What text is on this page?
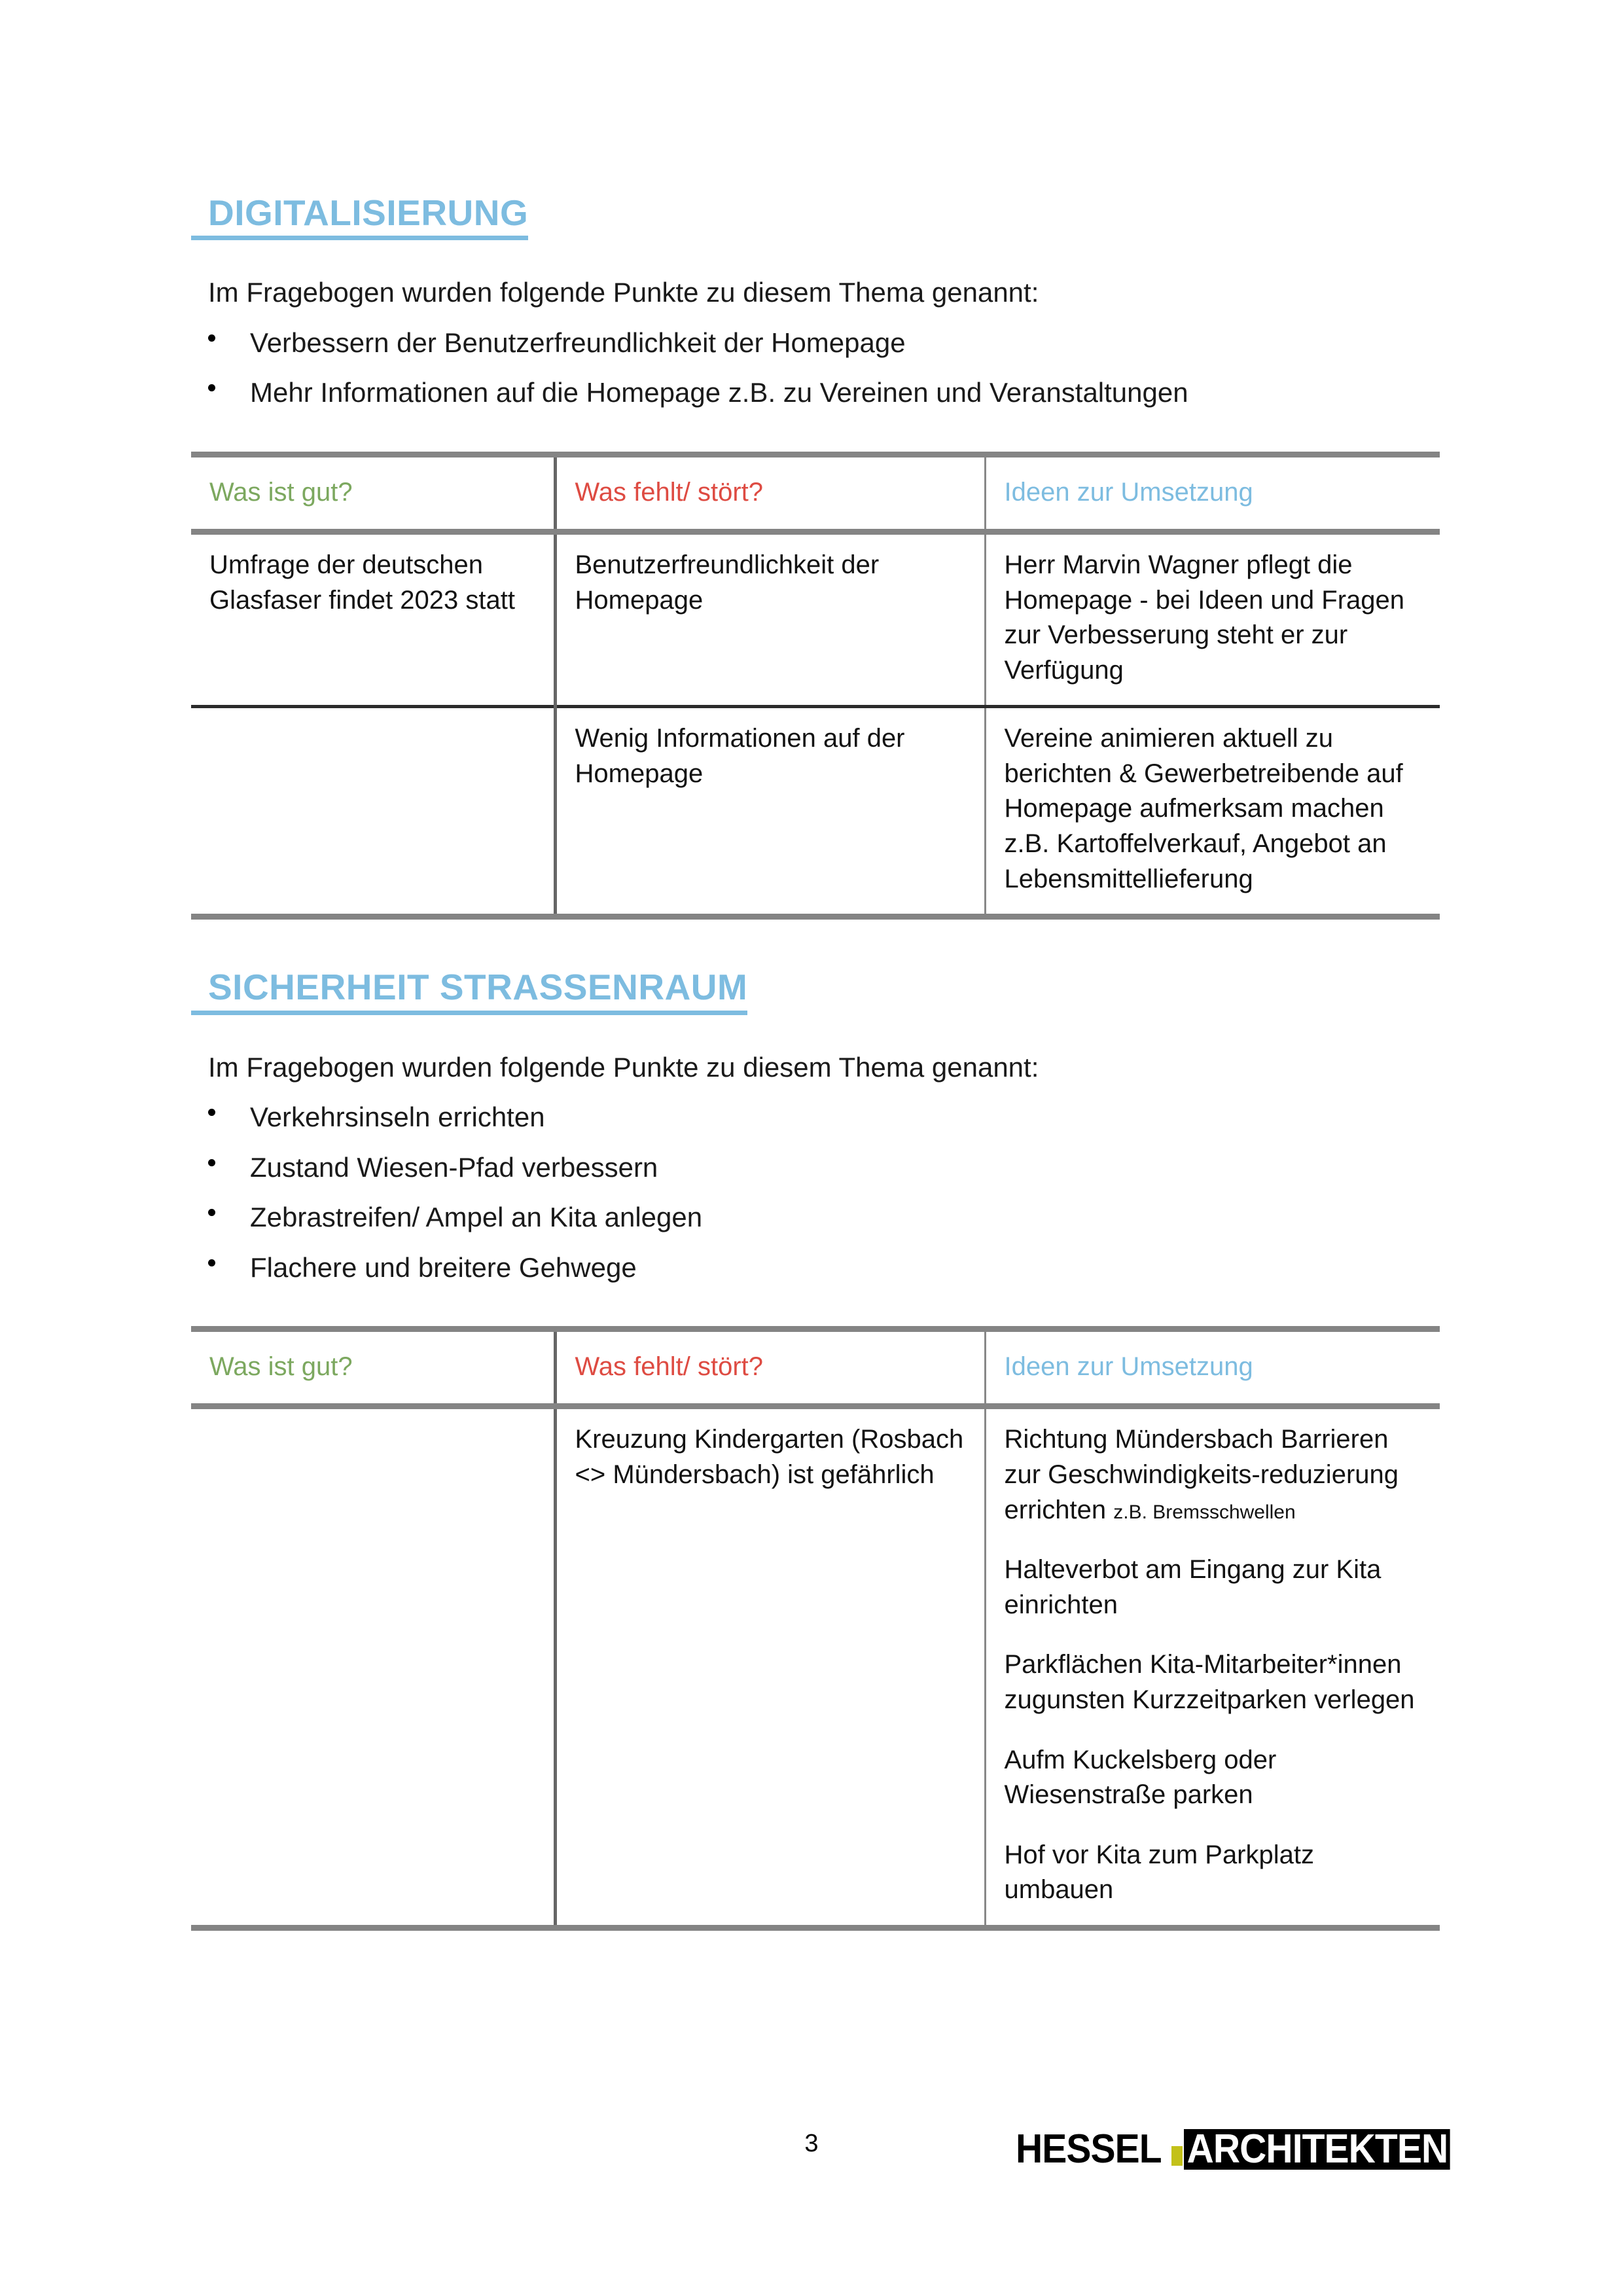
DIGITALISIERUNG

Im Fragebogen wurden folgende Punkte zu diesem Thema genannt:

Verbessern der Benutzerfreundlichkeit der Homepage
Mehr Informationen auf die Homepage z.B. zu Vereinen und Veranstaltungen
Was ist gut?	Was fehlt/ stört?	Ideen zur Umsetzung
Umfrage der deutschen Glasfaser findet 2023 statt	Benutzerfreundlichkeit der Homepage	Herr Marvin Wagner pflegt die Homepage - bei Ideen und Fragen zur Verbesserung steht er zur Verfügung
	Wenig Informationen auf der Homepage	Vereine animieren aktuell zu berichten & Gewerbetreibende auf Homepage aufmerksam machen z.B. Kartoffelverkauf, Angebot an Lebensmittellieferung
SICHERHEIT STRASSENRAUM

Im Fragebogen wurden folgende Punkte zu diesem Thema genannt:

Verkehrsinseln errichten
Zustand Wiesen-Pfad verbessern
Zebrastreifen/ Ampel an Kita anlegen
Flachere und breitere Gehwege
Was ist gut?	Was fehlt/ stört?	Ideen zur Umsetzung
	Kreuzung Kindergarten (Rosbach <> Mündersbach) ist gefährlich	Richtung Mündersbach Barrieren zur Geschwindigkeits-reduzierung errichten z.B. Bremsschwellen

Halteverbot am Eingang zur Kita einrichten

Parkflächen Kita-Mitarbeiter*innen zugunsten Kurzzeitparken verlegen

Aufm Kuckelsberg oder Wiesenstraße parken

Hof vor Kita zum Parkplatz umbauen

3	HESSEL ARCHITEKTEN
